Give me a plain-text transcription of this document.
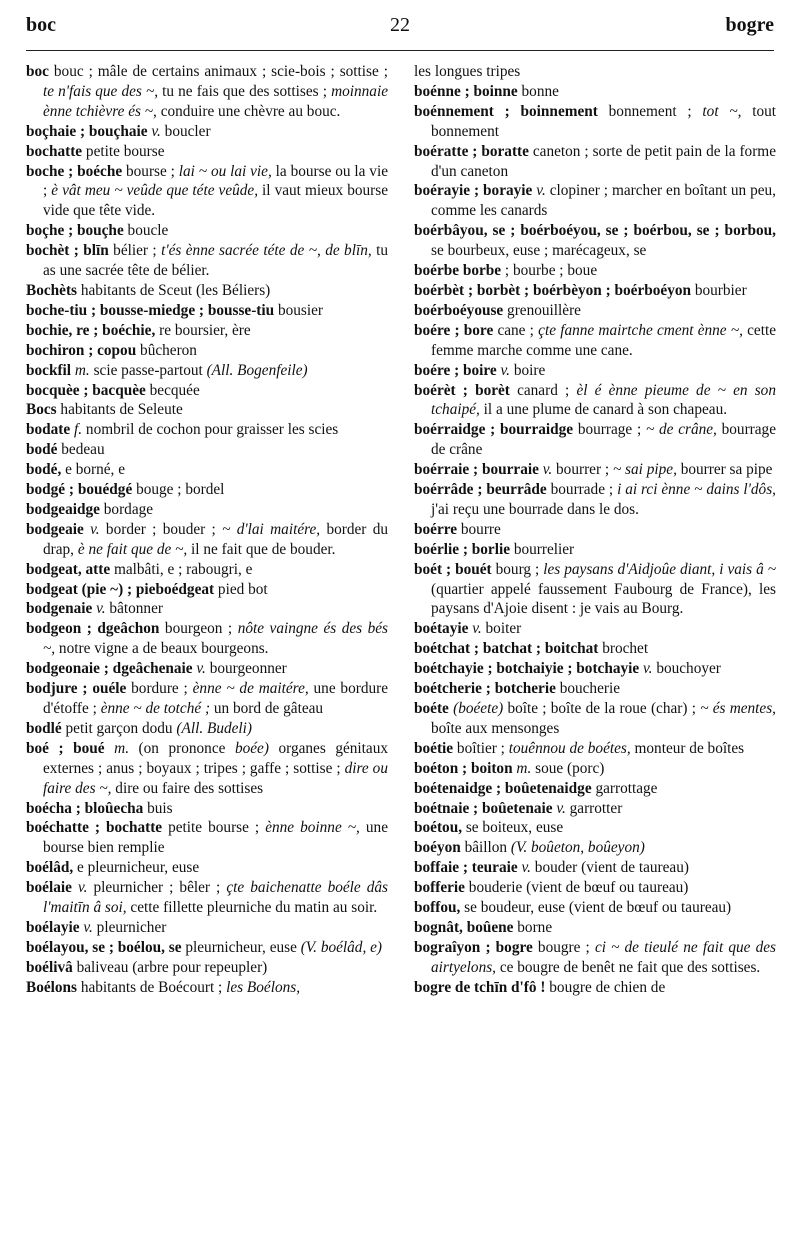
boc	22	bogre

boc bouc ; mâle de certains animaux ; scie-bois ; sottise ; te n'fais que des ~, tu ne fais que des sottises ; moinnaie ènne tchièvre és ~, conduire une chèvre au bouc.

boçhaie ; bouçhaie v. boucler

bochatte petite bourse

boche ; boéche bourse ; lai ~ ou lai vie, la bourse ou la vie ; è vât meu ~ veûde que téte veûde, il vaut mieux bourse vide que tête vide.

boçhe ; bouçhe boucle

bochèt ; blīn bélier ; t'és ènne sacrée téte de ~, de blīn, tu as une sacrée tête de bélier.

Bochèts habitants de Sceut (les Béliers)

boche-tiu ; bousse-miedge ; bousse-tiu bousier

bochie, re ; boéchie, re boursier, ère

bochiron ; copou bûcheron

bockfil m. scie passe-partout (All. Bogenfeile)

bocquèe ; bacquèe becquée

Bocs habitants de Seleute

bodate f. nombril de cochon pour graisser les scies

bodé bedeau

bodé, e borné, e

bodgé ; bouédgé bouge ; bordel

bodgeaidge bordage

bodgeaie v. border ; bouder ; ~ d'lai maitére, border du drap, è ne fait que de ~, il ne fait que de bouder.

bodgeat, atte malbâti, e ; rabougri, e

bodgeat (pie ~) ; pieboédgeat pied bot

bodgenaie v. bâtonner

bodgeon ; dgeâchon bourgeon ; nôte vaingne és des bés ~, notre vigne a de beaux bourgeons.

bodgeonaie ; dgeâchenaie v. bourgeonner

bodjure ; ouéle bordure ; ènne ~ de maitére, une bordure d'étoffe ; ènne ~ de totché ; un bord de gâteau

bodlé petit garçon dodu (All. Budeli)

boé ; boué m. (on prononce boée) organes génitaux externes ; anus ; boyaux ; tripes ; gaffe ; sottise ; dire ou faire des ~, dire ou faire des sottises

boécha ; bloûecha buis

boéchatte ; bochatte petite bourse ; ènne boinne ~, une bourse bien remplie

boélâd, e pleurnicheur, euse

boélaie v. pleurnicher ; bêler ; çte baichenatte boéle dâs l'maitīn â soi, cette fillette pleurniche du matin au soir.

boélayie v. pleurnicher

boélayou, se ; boélou, se pleurnicheur, euse (V. boélâd, e)

boélivâ baliveau (arbre pour repeupler)

Boélons habitants de Boécourt ; les Boélons,

les longues tripes

boénne ; boinne bonne

boénnement ; boinnement bonnement ; tot ~, tout bonnement

boératte ; boratte caneton ; sorte de petit pain de la forme d'un caneton

boérayie ; borayie v. clopiner ; marcher en boîtant un peu, comme les canards

boérbâyou, se ; boérboéyou, se ; boérbou, se ; borbou, se bourbeux, euse ; marécageux, se

boérbe borbe ; bourbe ; boue

boérbèt ; borbèt ; boérbèyon ; boérboéyon bourbier

boérboéyouse grenouillère

boére ; bore cane ; çte fanne mairtche cment ènne ~, cette femme marche comme une cane.

boére ; boire v. boire

boérèt ; borèt canard ; èl é ènne pieume de ~ en son tchaipé, il a une plume de canard à son chapeau.

boérraidge ; bourraidge bourrage ; ~ de crâne, bourrage de crâne

boérraie ; bourraie v. bourrer ; ~ sai pipe, bourrer sa pipe

boérrâde ; beurrâde bourrade ; i ai rci ènne ~ dains l'dôs, j'ai reçu une bourrade dans le dos.

boérre bourre

boérlie ; borlie bourrelier

boét ; bouét bourg ; les paysans d'Aidjoûe diant, i vais â ~ (quartier appelé faussement Faubourg de France), les paysans d'Ajoie disent : je vais au Bourg.

boétayie v. boiter

boétchat ; batchat ; boitchat brochet

boétchayie ; botchaiyie ; botchayie v. bouchoyer

boétcherie ; botcherie boucherie

boéte (boéete) boîte ; boîte de la roue (char) ; ~ és mentes, boîte aux mensonges

boétie boîtier ; touênnou de boétes, monteur de boîtes

boéton ; boiton m. soue (porc)

boétenaidge ; boûetenaidge garrottage

boétnaie ; boûetenaie v. garrotter

boétou, se boiteux, euse

boéyon bâillon (V. boûeton, boûeyon)

boffaie ; teuraie v. bouder (vient de taureau)

bofferie bouderie (vient de bœuf ou taureau)

boffou, se boudeur, euse (vient de bœuf ou taureau)

bognât, boûene borne

bograîyon ; bogre bougre ; ci ~ de tieulé ne fait que des airtyelons, ce bougre de benêt ne fait que des sottises.

bogre de tchīn d'fô ! bougre de chien de
